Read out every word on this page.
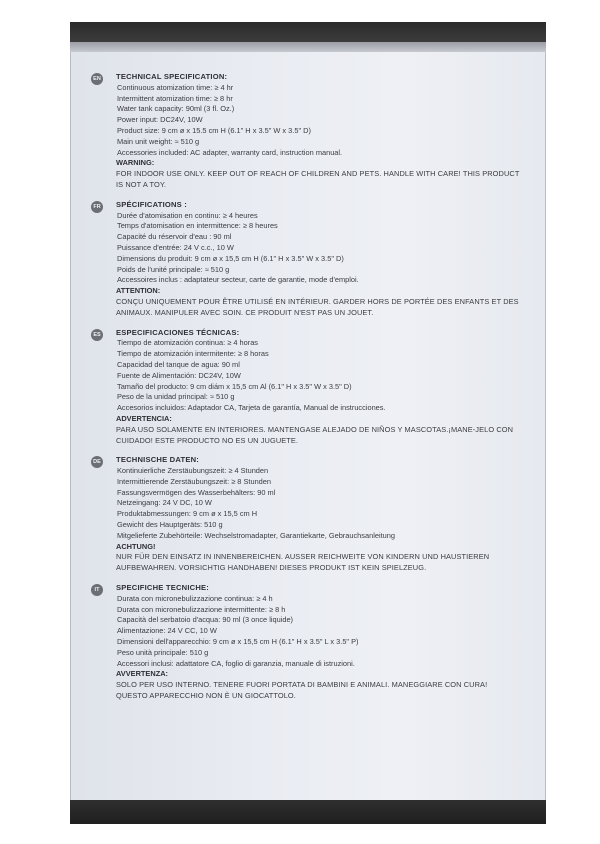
EN TECHNICAL SPECIFICATION:
Continuous atomization time: ≥ 4 hr
Intermittent atomization time: ≥ 8 hr
Water tank capacity: 90ml (3 fl. Oz.)
Power input: DC24V, 10W
Product size: 9 cm ø x 15.5 cm H (6.1" H x 3.5" W x 3.5" D)
Main unit weight: ≈ 510 g
Accessories included: AC adapter, warranty card, instruction manual.
WARNING:
FOR INDOOR USE ONLY. KEEP OUT OF REACH OF CHILDREN AND PETS. HANDLE WITH CARE! THIS PRODUCT IS NOT A TOY.
FR	SPÉCIFICATIONS :
Durée d'atomisation en continu: ≥ 4 heures
Temps d'atomisation en intermittence: ≥ 8 heures
Capacité du réservoir d'eau : 90 ml
Puissance d'entrée: 24 V c.c., 10 W
Dimensions du produit: 9 cm ø x 15,5 cm H (6.1" H x 3.5" W x 3.5" D)
Poids de l'unité principale: ≈ 510 g
Accessoires inclus : adaptateur secteur, carte de garantie, mode d'emploi.
ATTENTION:
CONÇU UNIQUEMENT POUR ÊTRE UTILISÉ EN INTÉRIEUR. GARDER HORS DE PORTÉE DES ENFANTS ET DES ANIMAUX. MANIPULER AVEC SOIN. CE PRODUIT N'EST PAS UN JOUET.
ES	ESPECIFICACIONES TÉCNICAS:
Tiempo de atomización continua: ≥ 4 horas
Tiempo de atomización intermitente: ≥ 8 horas
Capacidad del tanque de agua: 90 ml
Fuente de Alimentación: DC24V, 10W
Tamaño del producto: 9 cm diám x 15,5 cm Al (6.1" H x 3.5" W x 3.5" D)
Peso de la unidad principal: ≈ 510 g
Accesorios incluidos: Adaptador CA, Tarjeta de garantía, Manual de instrucciones.
ADVERTENCIA:
PARA USO SOLAMENTE EN INTERIORES. MANTENGASE ALEJADO DE NIÑOS Y MASCOTAS.¡MANE-JELO CON CUIDADO! ESTE PRODUCTO NO ES UN JUGUETE.
DE TECHNISCHE DATEN:
Kontinuierliche Zerstäubungszeit: ≥ 4 Stunden
Intermittierende Zerstäubungszeit: ≥ 8 Stunden
Fassungsvermögen des Wasserbehälters: 90 ml
Netzeingang: 24 V DC, 10 W
Produktabmessungen: 9 cm ø x 15,5 cm H
Gewicht des Hauptgeräts: 510 g
Mitgelieferte Zubehörteile: Wechselstromadapter, Garantiekarte, Gebrauchsanleitung
ACHTUNG!
NUR FÜR DEN EINSATZ IN INNENBEREICHEN. AUSSER REICHWEITE VON KINDERN UND HAUSTIEREN AUFBEWAHREN. VORSICHTIG HANDHABEN! DIESES PRODUKT IST KEIN SPIELZEUG.
IT	SPECIFICHE TECNICHE:
Durata con micronebulizzazione continua: ≥ 4 h
Durata con micronebulizzazione intermittente: ≥ 8 h
Capacità del serbatoio d'acqua: 90 ml (3 once liquide)
Alimentazione: 24 V CC, 10 W
Dimensioni dell'apparecchio: 9 cm ø x 15,5 cm H (6.1" H x 3.5" L x 3.5" P)
Peso unità principale: 510 g
Accessori inclusi: adattatore CA, foglio di garanzia, manuale di istruzioni.
AVVERTENZA:
SOLO PER USO INTERNO. TENERE FUORI PORTATA DI BAMBINI E ANIMALI. MANEGGIARE CON CURA! QUESTO APPARECCHIO NON È UN GIOCATTOLO.
